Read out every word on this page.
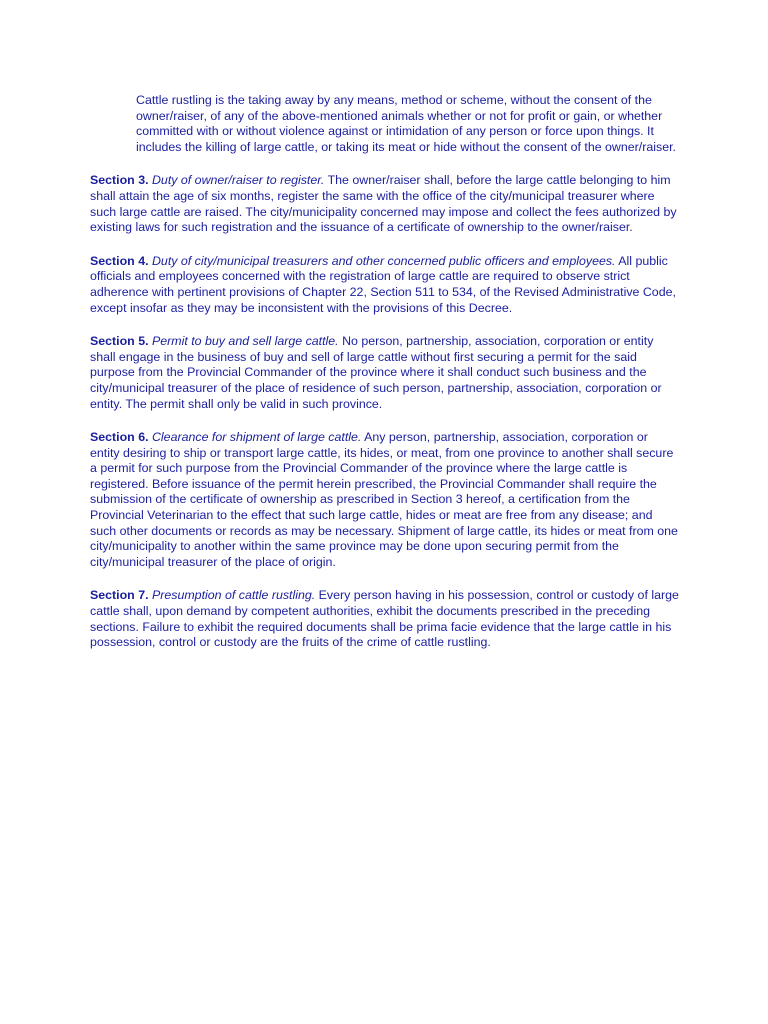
Cattle rustling is the taking away by any means, method or scheme, without the consent of the owner/raiser, of any of the above-mentioned animals whether or not for profit or gain, or whether committed with or without violence against or intimidation of any person or force upon things. It includes the killing of large cattle, or taking its meat or hide without the consent of the owner/raiser.

Section 3. Duty of owner/raiser to register. The owner/raiser shall, before the large cattle belonging to him shall attain the age of six months, register the same with the office of the city/municipal treasurer where such large cattle are raised. The city/municipality concerned may impose and collect the fees authorized by existing laws for such registration and the issuance of a certificate of ownership to the owner/raiser.

Section 4. Duty of city/municipal treasurers and other concerned public officers and employees. All public officials and employees concerned with the registration of large cattle are required to observe strict adherence with pertinent provisions of Chapter 22, Section 511 to 534, of the Revised Administrative Code, except insofar as they may be inconsistent with the provisions of this Decree.

Section 5. Permit to buy and sell large cattle. No person, partnership, association, corporation or entity shall engage in the business of buy and sell of large cattle without first securing a permit for the said purpose from the Provincial Commander of the province where it shall conduct such business and the city/municipal treasurer of the place of residence of such person, partnership, association, corporation or entity. The permit shall only be valid in such province.

Section 6. Clearance for shipment of large cattle. Any person, partnership, association, corporation or entity desiring to ship or transport large cattle, its hides, or meat, from one province to another shall secure a permit for such purpose from the Provincial Commander of the province where the large cattle is registered. Before issuance of the permit herein prescribed, the Provincial Commander shall require the submission of the certificate of ownership as prescribed in Section 3 hereof, a certification from the Provincial Veterinarian to the effect that such large cattle, hides or meat are free from any disease; and such other documents or records as may be necessary. Shipment of large cattle, its hides or meat from one city/municipality to another within the same province may be done upon securing permit from the city/municipal treasurer of the place of origin.

Section 7. Presumption of cattle rustling. Every person having in his possession, control or custody of large cattle shall, upon demand by competent authorities, exhibit the documents prescribed in the preceding sections. Failure to exhibit the required documents shall be prima facie evidence that the large cattle in his possession, control or custody are the fruits of the crime of cattle rustling.
